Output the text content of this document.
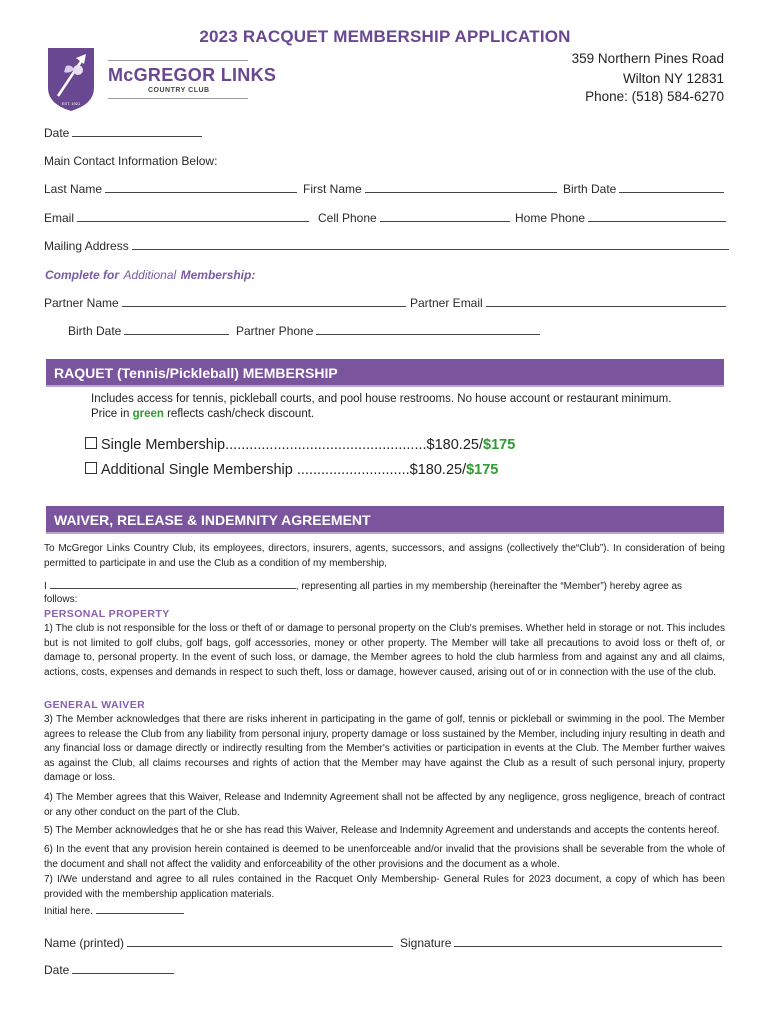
2023 RACQUET MEMBERSHIP APPLICATION
EST. 1921
McGREGOR LINKS
COUNTRY CLUB
359 Northern Pines Road
Wilton NY 12831
Phone: (518) 584-6270
Date
Main Contact Information Below:
Last Name	First Name	Birth Date
Email	Cell Phone	Home Phone
Mailing Address
Complete for Additional Membership:
Partner Name	Partner Email
Birth Date	Partner Phone
RAQUET (Tennis/Pickleball) MEMBERSHIP
Includes access for tennis, pickleball courts, and pool house restrooms. No house account or restaurant minimum.
Price in green reflects cash/check discount.
Single Membership..................................................$180.25/$175
Additional Single Membership ............................$180.25/$175
WAIVER, RELEASE & INDEMNITY AGREEMENT
To McGregor Links Country Club, its employees, directors, insurers, agents, successors, and assigns (collectively the“Club”). In consideration of being permitted to participate in and use the Club as a condition of my membership,
I	, representing all parties in my membership (hereinafter the “Member”) hereby agree as
follows:
PERSONAL PROPERTY
1) The club is not responsible for the loss or theft of or damage to personal property on the Club's premises. Whether held in storage or not. This includes but is not limited to golf clubs, golf bags, golf accessories, money or other property. The Member will take all precautions to avoid loss or theft of, or damage to, personal property. In the event of such loss, or damage, the Member agrees to hold the club harmless from and against any and all claims, actions, costs, expenses and demands in respect to such theft, loss or damage, however caused, arising out of or in connection with the use of the club.
GENERAL WAIVER
3) The Member acknowledges that there are risks inherent in participating in the game of golf, tennis or pickleball or swimming in the pool. The Member agrees to release the Club from any liability from personal injury, property damage or loss sustained by the Member, including injury resulting in death and any financial loss or damage directly or indirectly resulting from the Member's activities or participation in events at the Club. The Member further waives as against the Club, all claims recourses and rights of action that the Member may have against the Club as a result of such personal injury, property damage or loss.
4) The Member agrees that this Waiver, Release and Indemnity Agreement shall not be affected by any negligence, gross negligence, breach of contract or any other conduct on the part of the Club.
5) The Member acknowledges that he or she has read this Waiver, Release and Indemnity Agreement and understands and accepts the contents hereof.
6) In the event that any provision herein contained is deemed to be unenforceable and/or invalid that the provisions shall be severable from the whole of the document and shall not affect the validity and enforceability of the other provisions and the document as a whole.
7) I/We understand and agree to all rules contained in the Racquet Only Membership- General Rules for 2023 document, a copy of which has been provided with the membership application materials.
Initial here.
Name (printed)	Signature
Date
